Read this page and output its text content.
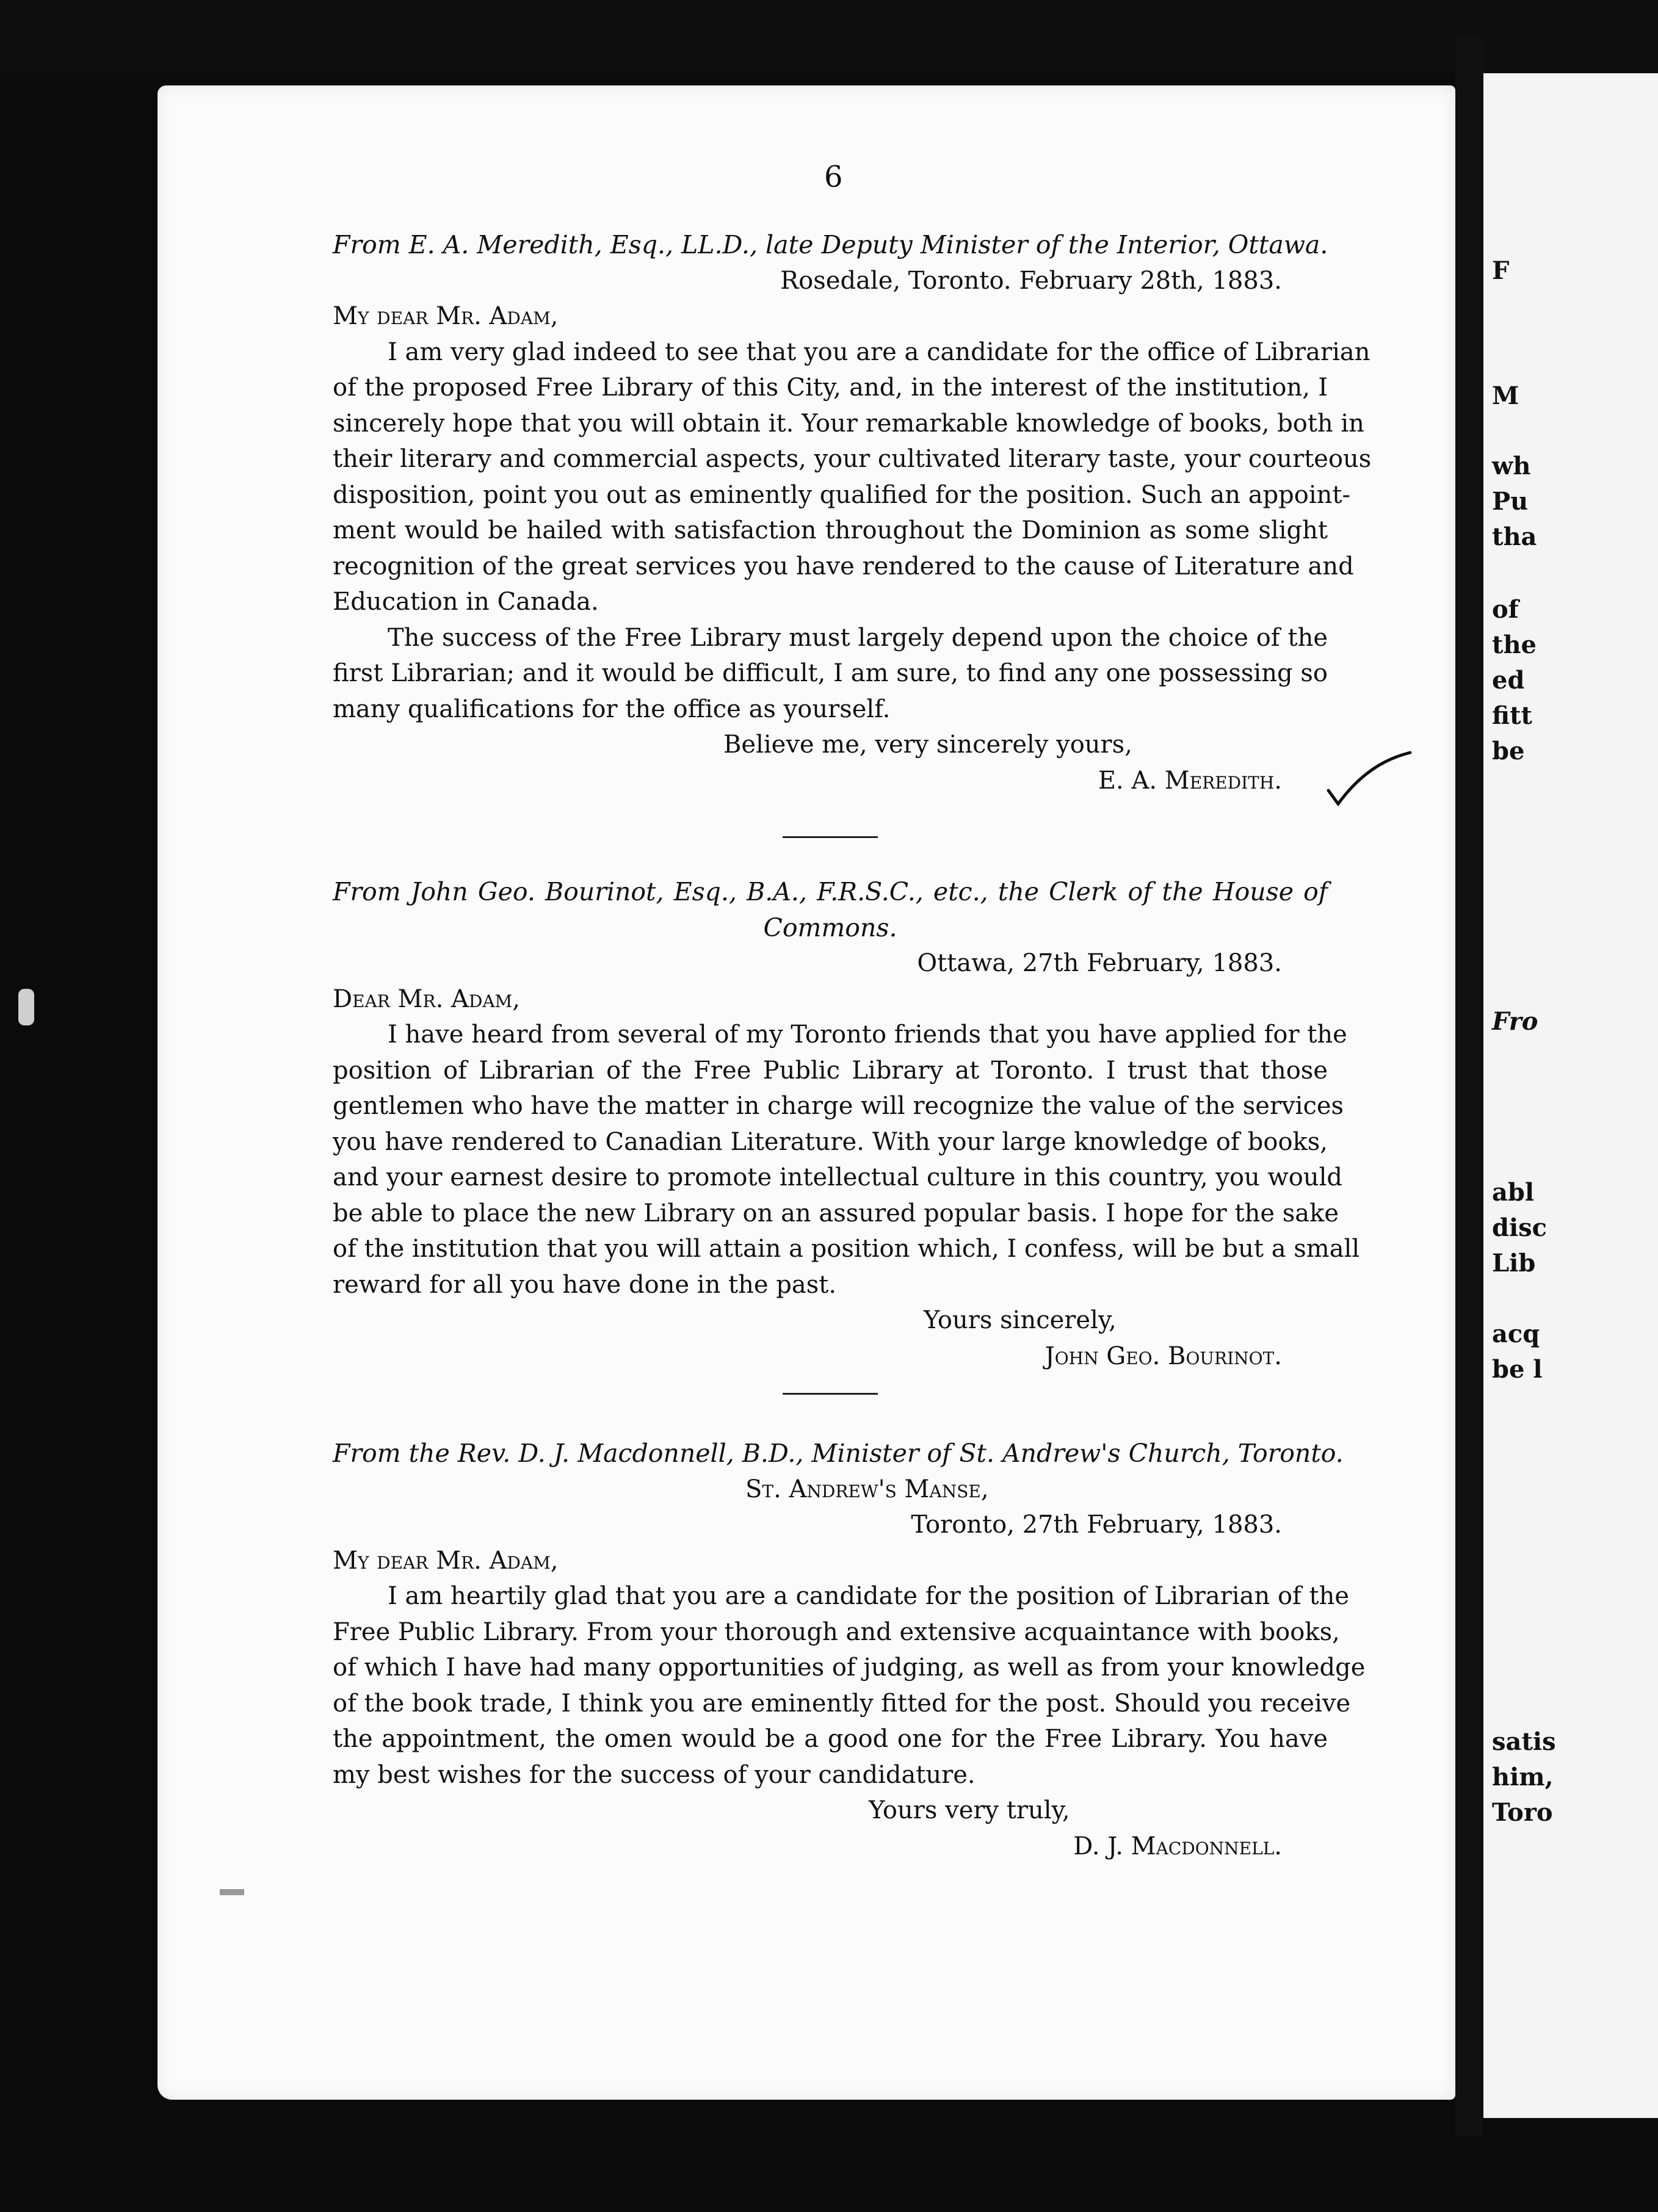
F
M
wh
Pu
tha
of
the
ed
fitt
be
Fro
abl
disc
Lib
acq
be l
satis
him,
Toro
6
From E. A. Meredith, Esq., LL.D., late Deputy Minister of the Interior, Ottawa.
Rosedale, Toronto. February 28th, 1883.
My dear Mr. Adam,
I am very glad indeed to see that you are a candidate for the office of Librarian
of the proposed Free Library of this City, and, in the interest of the institution, I
sincerely hope that you will obtain it. Your remarkable knowledge of books, both in
their literary and commercial aspects, your cultivated literary taste, your courteous
disposition, point you out as eminently qualified for the position. Such an appoint-
ment would be hailed with satisfaction throughout the Dominion as some slight
recognition of the great services you have rendered to the cause of Literature and
Education in Canada.
The success of the Free Library must largely depend upon the choice of the
first Librarian; and it would be difficult, I am sure, to find any one possessing so
many qualifications for the office as yourself.
Believe me, very sincerely yours,
E. A. Meredith.
From John Geo. Bourinot, Esq., B.A., F.R.S.C., etc., the Clerk of the House of
Commons.
Ottawa, 27th February, 1883.
Dear Mr. Adam,
I have heard from several of my Toronto friends that you have applied for the
position of Librarian of the Free Public Library at Toronto. I trust that those
gentlemen who have the matter in charge will recognize the value of the services
you have rendered to Canadian Literature. With your large knowledge of books,
and your earnest desire to promote intellectual culture in this country, you would
be able to place the new Library on an assured popular basis. I hope for the sake
of the institution that you will attain a position which, I confess, will be but a small
reward for all you have done in the past.
Yours sincerely,
John Geo. Bourinot.
From the Rev. D. J. Macdonnell, B.D., Minister of St. Andrew's Church, Toronto.
St. Andrew's Manse,
Toronto, 27th February, 1883.
My dear Mr. Adam,
I am heartily glad that you are a candidate for the position of Librarian of the
Free Public Library. From your thorough and extensive acquaintance with books,
of which I have had many opportunities of judging, as well as from your knowledge
of the book trade, I think you are eminently fitted for the post. Should you receive
the appointment, the omen would be a good one for the Free Library. You have
my best wishes for the success of your candidature.
Yours very truly,
D. J. Macdonnell.
